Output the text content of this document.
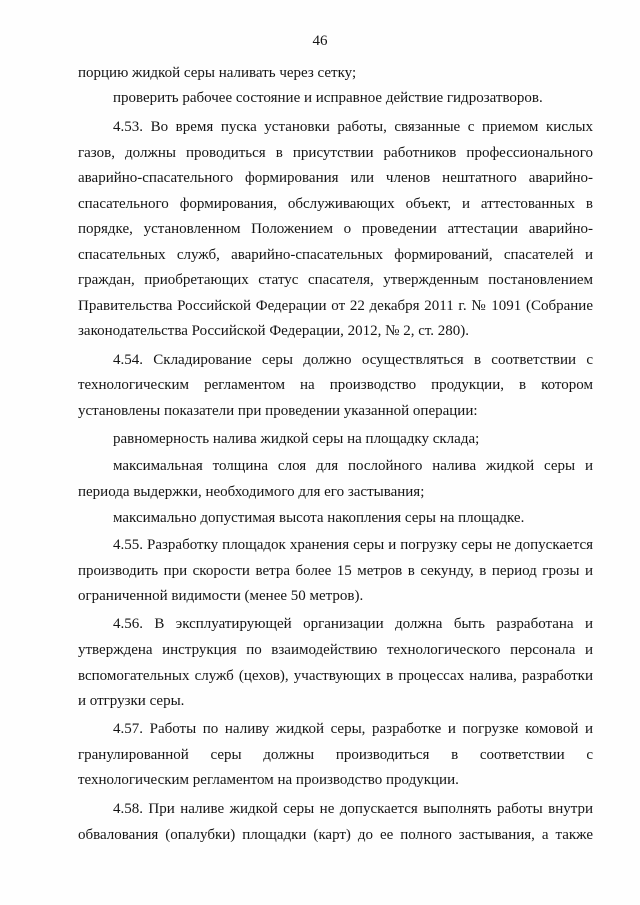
46
порцию жидкой серы наливать через сетку;
проверить рабочее состояние и исправное действие гидрозатворов.
4.53. Во время пуска установки работы, связанные с приемом кислых
газов, должны проводиться в присутствии работников профессионального
аварийно-спасательного формирования или членов нештатного аварийно-
спасательного формирования, обслуживающих объект, и аттестованных в
порядке, установленном Положением о проведении аттестации аварийно-
спасательных служб, аварийно-спасательных формирований, спасателей и
граждан, приобретающих статус спасателя, утвержденным постановлением
Правительства Российской Федерации от 22 декабря 2011 г. № 1091 (Собрание
законодательства Российской Федерации, 2012, № 2, ст. 280).
4.54. Складирование серы должно осуществляться в соответствии с
технологическим регламентом на производство продукции, в котором
установлены показатели при проведении указанной операции:
равномерность налива жидкой серы на площадку склада;
максимальная толщина слоя для послойного налива жидкой серы и
периода выдержки, необходимого для его застывания;
максимально допустимая высота накопления серы на площадке.
4.55. Разработку площадок хранения серы и погрузку серы не допускается
производить при скорости ветра более 15 метров в секунду, в период грозы и
ограниченной видимости (менее 50 метров).
4.56. В эксплуатирующей организации должна быть разработана и
утверждена инструкция по взаимодействию технологического персонала и
вспомогательных служб (цехов), участвующих в процессах налива, разработки
и отгрузки серы.
4.57. Работы по наливу жидкой серы, разработке и погрузке комовой и
гранулированной серы должны производиться в соответствии с
технологическим регламентом на производство продукции.
4.58. При наливе жидкой серы не допускается выполнять работы внутри
обвалования (опалубки) площадки (карт) до ее полного застывания, а также
